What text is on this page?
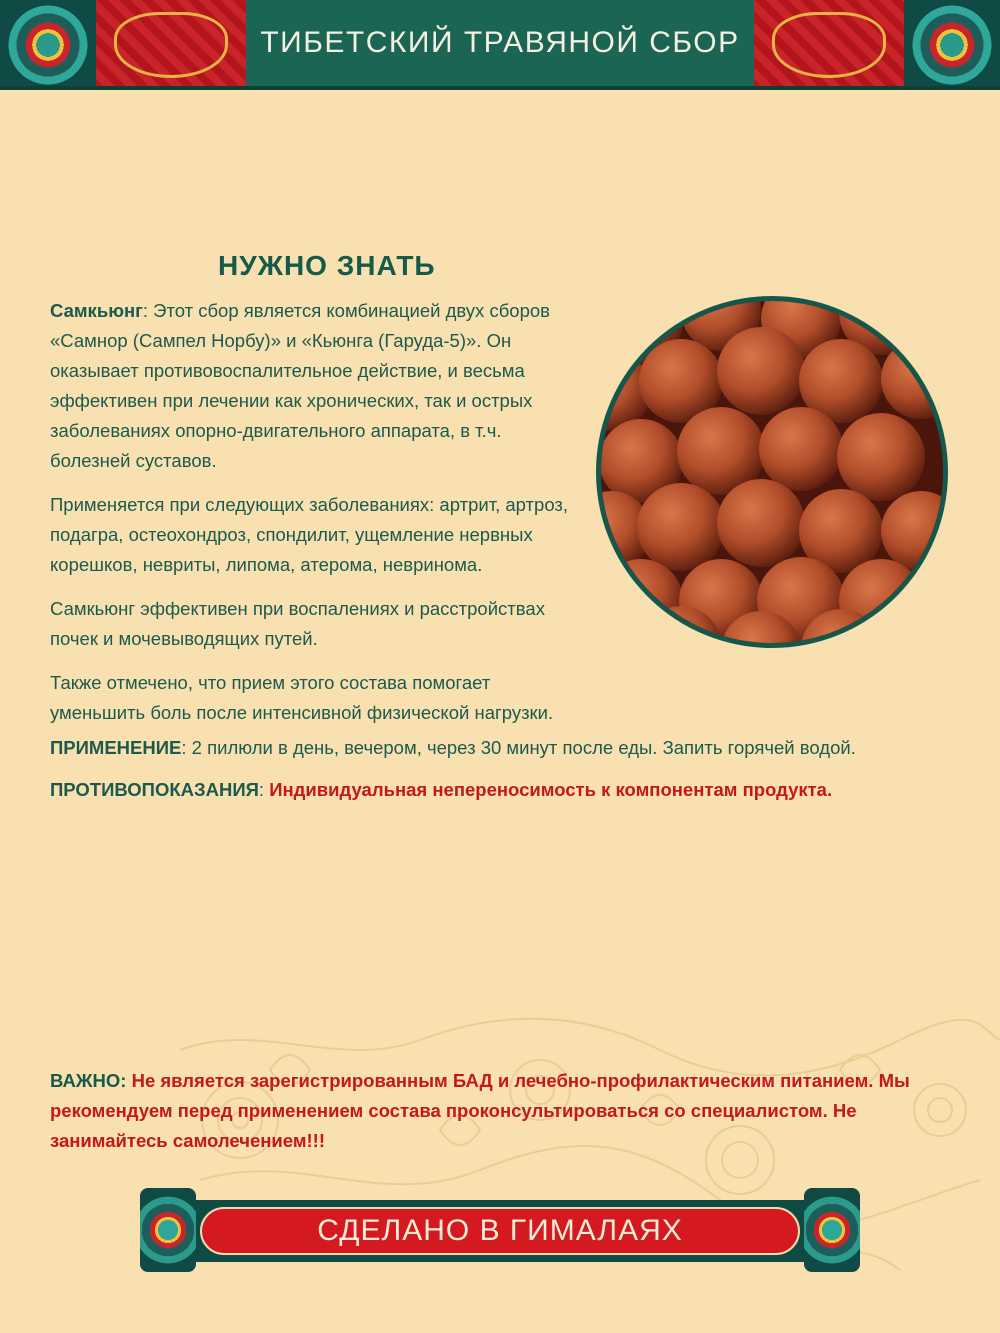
ТИБЕТСКИЙ ТРАВЯНОЙ СБОР
НУЖНО ЗНАТЬ

Самкьюнг: Этот сбор является комбинацией двух сборов «Самнор (Сампел Норбу)» и «Кьюнга (Гаруда-5)». Он оказывает противовоспалительное действие, и весьма эффективен при лечении как хронических, так и острых заболеваниях опорно-двигательного аппарата, в т.ч. болезней суставов.

Применяется при следующих заболеваниях: артрит, артроз, подагра, остеохондроз, спондилит, ущемление нервных корешков, невриты, липома, атерома, невринома.

Самкьюнг эффективен при воспалениях и расстройствах почек и мочевыводящих путей.

Также отмечено, что прием этого состава помогает уменьшить боль после интенсивной физической нагрузки.

ПРИМЕНЕНИЕ: 2 пилюли в день, вечером, через 30 минут после еды. Запить горячей водой.
ПРОТИВОПОКАЗАНИЯ: Индивидуальная непереносимость к компонентам продукта.
ВАЖНО: Не является зарегистрированным БАД и лечебно-профилактическим питанием. Мы рекомендуем перед применением состава проконсультироваться со специалистом. Не занимайтесь самолечением!!!
СДЕЛАНО В ГИМАЛАЯХ
